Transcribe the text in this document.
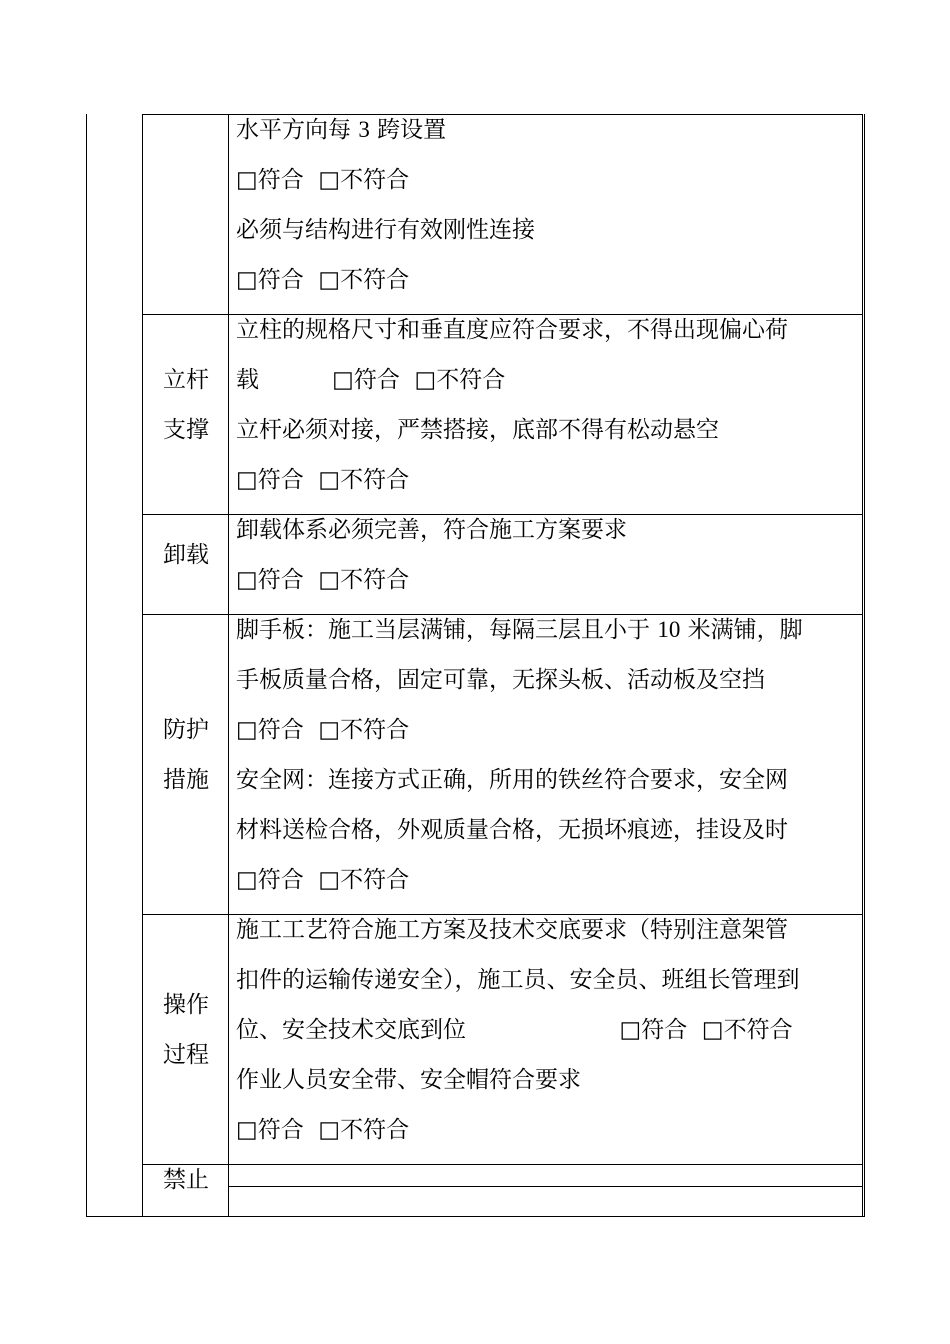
水平方向每 3 跨设置
□符合  □不符合
必须与结构进行有效刚性连接
□符合  □不符合
立杆
支撑
立柱的规格尺寸和垂直度应符合要求，不得出现偏心荷
载          □符合  □不符合
立杆必须对接，严禁搭接，底部不得有松动悬空
□符合  □不符合
卸载
卸载体系必须完善，符合施工方案要求
□符合  □不符合
防护
措施
脚手板：施工当层满铺，每隔三层且小于 10 米满铺，脚
手板质量合格，固定可靠，无探头板、活动板及空挡
□符合  □不符合
安全网：连接方式正确，所用的铁丝符合要求，安全网
材料送检合格，外观质量合格，无损坏痕迹，挂设及时
□符合  □不符合
操作
过程
施工工艺符合施工方案及技术交底要求（特别注意架管
扣件的运输传递安全），施工员、安全员、班组长管理到
位、安全技术交底到位                     □符合  □不符合
作业人员安全带、安全帽符合要求
□符合  □不符合
禁止
